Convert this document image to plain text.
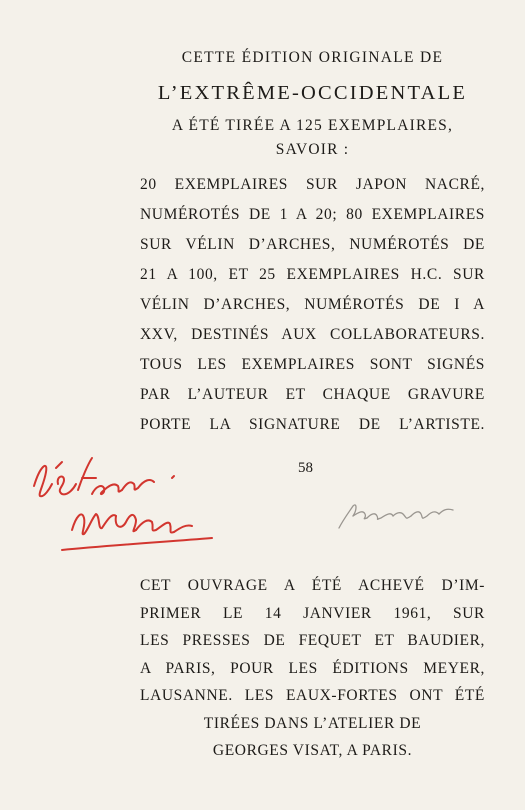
CETTE ÉDITION ORIGINALE DE
L’EXTRÊME-OCCIDENTALE
A ÉTÉ TIRÉE A 125 EXEMPLAIRES,
SAVOIR :
20 EXEMPLAIRES SUR JAPON NACRÉ,
NUMÉROTÉS DE 1 A 20; 80 EXEMPLAIRES
SUR VÉLIN D’ARCHES, NUMÉROTÉS DE
21 A 100, ET 25 EXEMPLAIRES H.C. SUR
VÉLIN D’ARCHES, NUMÉROTÉS DE I A
XXV, DESTINÉS AUX COLLABORATEURS.
TOUS LES EXEMPLAIRES SONT SIGNÉS
PAR L’AUTEUR ET CHAQUE GRAVURE
PORTE LA SIGNATURE DE L’ARTISTE.
58
CET OUVRAGE A ÉTÉ ACHEVÉ D’IM-
PRIMER LE 14 JANVIER 1961, SUR
LES PRESSES DE FEQUET ET BAUDIER,
A PARIS, POUR LES ÉDITIONS MEYER,
LAUSANNE. LES EAUX-FORTES ONT ÉTÉ
TIRÉES DANS L’ATELIER DE
GEORGES VISAT, A PARIS.
